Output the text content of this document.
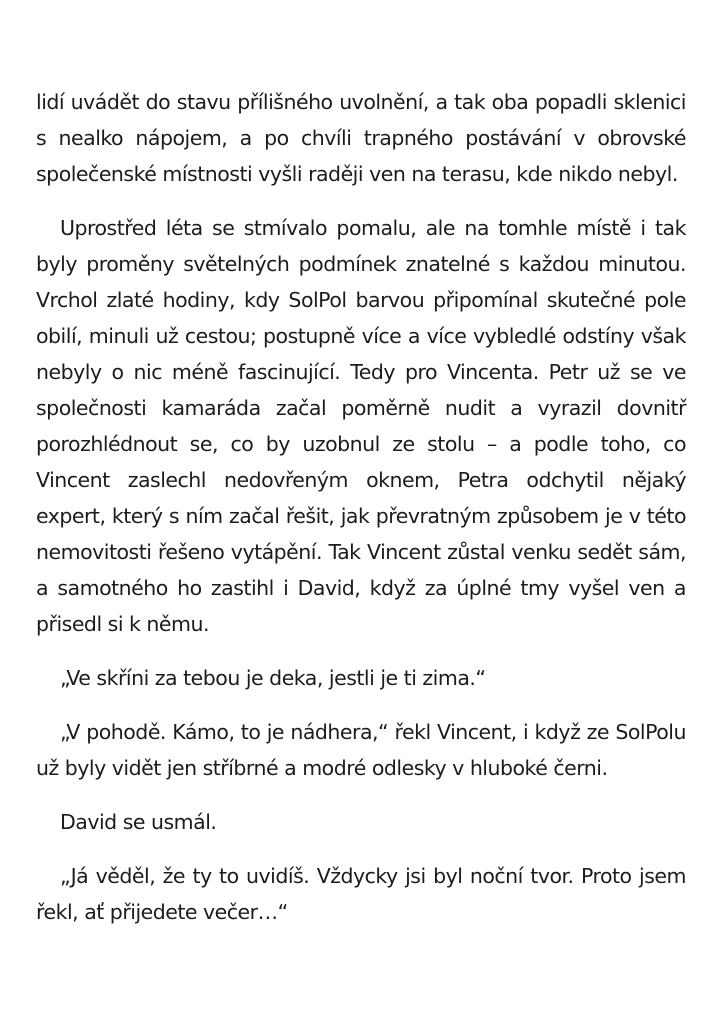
lidí uvádět do stavu přílišného uvolnění, a tak oba popadli sklenici s nealko nápojem, a po chvíli trapného postávání v obrovské společenské místnosti vyšli raději ven na terasu, kde nikdo nebyl.

Uprostřed léta se stmívalo pomalu, ale na tomhle místě i tak byly proměny světelných podmínek znatelné s každou minutou. Vrchol zlaté hodiny, kdy SolPol barvou připomínal skutečné pole obilí, minuli už cestou; postupně více a více vybledlé odstíny však nebyly o nic méně fascinující. Tedy pro Vincenta. Petr už se ve společnosti kamaráda začal poměrně nudit a vyrazil dovnitř porozhlédnout se, co by uzobnul ze stolu – a podle toho, co Vincent zaslechl nedovřeným oknem, Petra odchytil nějaký expert, který s ním začal řešit, jak převratným způsobem je v této nemovitosti řešeno vytápění. Tak Vincent zůstal venku sedět sám, a samotného ho zastihl i David, když za úplné tmy vyšel ven a přisedl si k němu.

„Ve skříni za tebou je deka, jestli je ti zima.“

„V pohodě. Kámo, to je nádhera,“ řekl Vincent, i když ze SolPolu už byly vidět jen stříbrné a modré odlesky v hluboké černi.

David se usmál.

„Já věděl, že ty to uvidíš. Vždycky jsi byl noční tvor. Proto jsem řekl, ať přijedete večer…“
